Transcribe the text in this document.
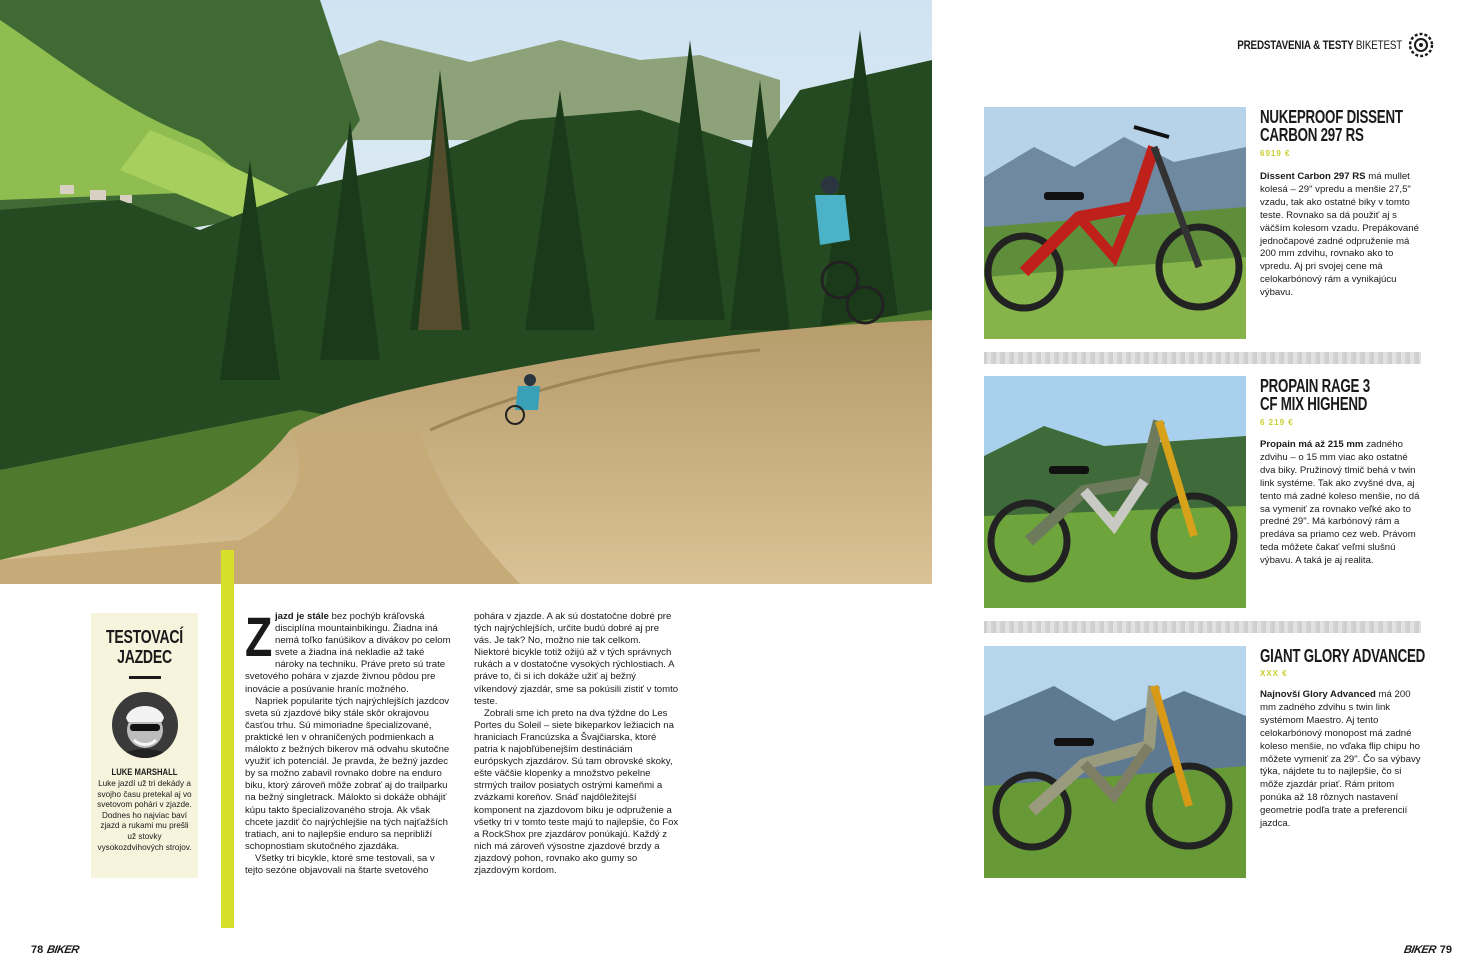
PREDSTAVENIA & TESTY BIKETEST
TESTOVACÍ JAZDEC
LUKE MARSHALL
Luke jazdí už tri dekády a svojho času pretekal aj vo svetovom pohári v zjazde. Dodnes ho najviac baví zjazd a rukami mu prešli už stovky vysokozdvihových strojov.

Zjazd je stále bez pochýb kráľovská disciplína mountainbikingu. Žiadna iná nemá toľko fanúšikov a divákov po celom svete a žiadna iná nekladie až také nároky na techniku. Práve preto sú trate svetového pohára v zjazde živnou pôdou pre inovácie a posúvanie hraníc možného.

Napriek popularite tých najrýchlejších jazdcov sveta sú zjazdové biky stále skôr okrajovou časťou trhu. Sú mimoriadne špecializované, praktické len v ohraničených podmienkach a málokto z bežných bikerov má odvahu skutočne využiť ich potenciál. Je pravda, že bežný jazdec by sa možno zabavil rovnako dobre na enduro biku, ktorý zároveň môže zobrať aj do trailparku na bežný singletrack. Málokto si dokáže obhájiť kúpu takto špecializovaného stroja. Ak však chcete jazdiť čo najrýchlejšie na tých najťažších tratiach, ani to najlepšie enduro sa nepribliží schopnostiam skutočného zjazdáka.

Všetky tri bicykle, ktoré sme testovali, sa v tejto sezóne objavovali na štarte svetového

pohára v zjazde. A ak sú dostatočne dobré pre tých najrýchlejších, určite budú dobré aj pre vás. Je tak? No, možno nie tak celkom. Niektoré bicykle totiž ožijú až v tých správnych rukách a v dostatočne vysokých rýchlostiach. A práve to, či si ich dokáže užiť aj bežný víkendový zjazdár, sme sa pokúsili zistiť v tomto teste.

Zobrali sme ich preto na dva týždne do Les Portes du Soleil – siete bikeparkov ležiacich na hraniciach Francúzska a Švajčiarska, ktoré patria k najobľúbenejším destináciám európskych zjazdárov. Sú tam obrovské skoky, ešte väčšie klopenky a množstvo pekelne strmých trailov posiatych ostrými kameňmi a zvázkami koreňov. Snáď najdôležitejší komponent na zjazdovom biku je odpruženie a všetky tri v tomto teste majú to najlepšie, čo Fox a RockShox pre zjazdárov ponúkajú. Každý z nich má zároveň výsostne zjazdové brzdy a zjazdový pohon, rovnako ako gumy so zjazdovým kordom.

NUKEPROOF DISSENT
CARBON 297 RS
6919 €
Dissent Carbon 297 RS má mullet kolesá – 29" vpredu a menšie 27,5" vzadu, tak ako ostatné biky v tomto teste. Rovnako sa dá použiť aj s väčším kolesom vzadu. Prepákované jednočapové zadné odpruženie má 200 mm zdvihu, rovnako ako to vpredu. Aj pri svojej cene má celokarbónový rám a vynikajúcu výbavu.
PROPAIN RAGE 3
CF MIX HIGHEND
6 219 €
Propain má až 215 mm zadného zdvihu – o 15 mm viac ako ostatné dva biky. Pružinový tlmič behá v twin link systéme. Tak ako zvyšné dva, aj tento má zadné koleso menšie, no dá sa vymeniť za rovnako veľké ako to predné 29". Má karbónový rám a predáva sa priamo cez web. Právom teda môžete čakať veľmi slušnú výbavu. A taká je aj realita.
GIANT GLORY ADVANCED
XXX €
Najnovší Glory Advanced má 200 mm zadného zdvihu s twin link systémom Maestro. Aj tento celokarbónový monopost má zadné koleso menšie, no vďaka flip chipu ho môžete vymeniť za 29". Čo sa výbavy týka, nájdete tu to najlepšie, čo si môže zjazdár priať. Rám pritom ponúka až 18 rôznych nastavení geometrie podľa trate a preferencií jazdca.
78 BIKER	BIKER 79
